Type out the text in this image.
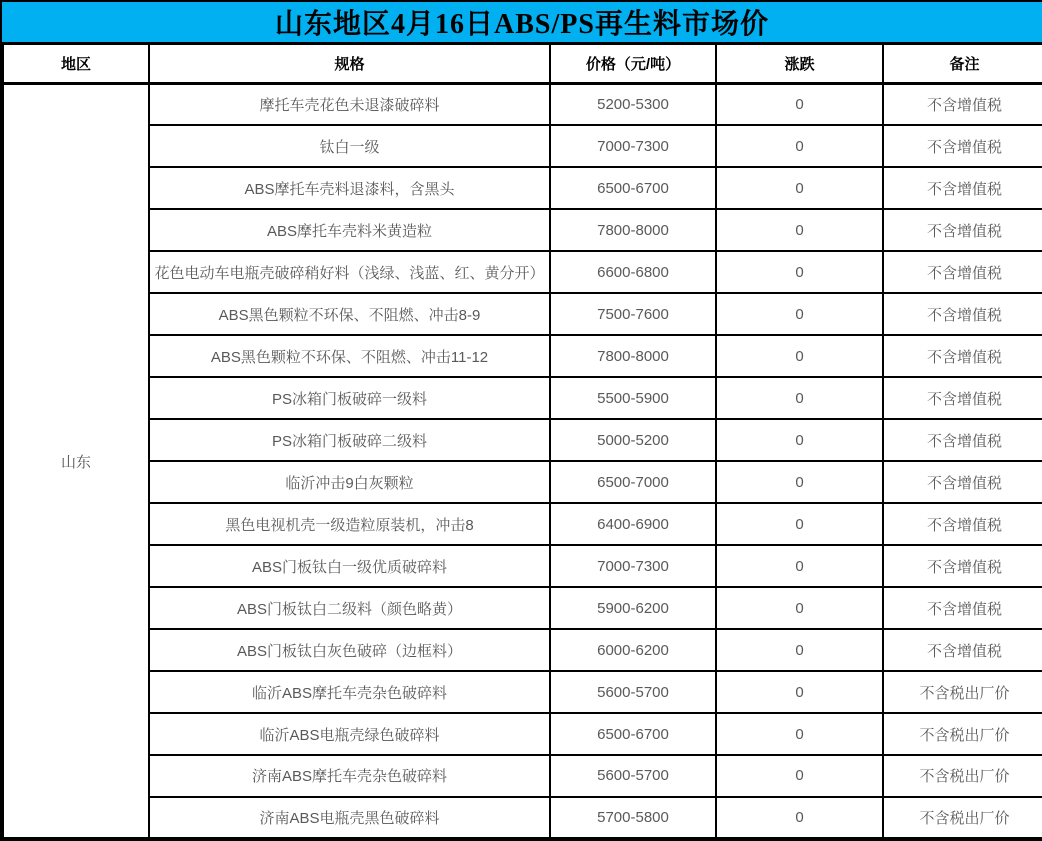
山东地区4月16日ABS/PS再生料市场价
地区	规格	价格（元/吨）	涨跌	备注
山东	摩托车壳花色未退漆破碎料	5200-5300	0	不含增值税
	钛白一级	7000-7300	0	不含增值税
	ABS摩托车壳料退漆料，含黑头	6500-6700	0	不含增值税
	ABS摩托车壳料米黄造粒	7800-8000	0	不含增值税
	花色电动车电瓶壳破碎稍好料（浅绿、浅蓝、红、黄分开）	6600-6800	0	不含增值税
	ABS黑色颗粒不环保、不阻燃、冲击8-9	7500-7600	0	不含增值税
	ABS黑色颗粒不环保、不阻燃、冲击11-12	7800-8000	0	不含增值税
	PS冰箱门板破碎一级料	5500-5900	0	不含增值税
	PS冰箱门板破碎二级料	5000-5200	0	不含增值税
	临沂冲击9白灰颗粒	6500-7000	0	不含增值税
	黑色电视机壳一级造粒原装机，冲击8	6400-6900	0	不含增值税
	ABS门板钛白一级优质破碎料	7000-7300	0	不含增值税
	ABS门板钛白二级料（颜色略黄）	5900-6200	0	不含增值税
	ABS门板钛白灰色破碎（边框料）	6000-6200	0	不含增值税
	临沂ABS摩托车壳杂色破碎料	5600-5700	0	不含税出厂价
	临沂ABS电瓶壳绿色破碎料	6500-6700	0	不含税出厂价
	济南ABS摩托车壳杂色破碎料	5600-5700	0	不含税出厂价
	济南ABS电瓶壳黑色破碎料	5700-5800	0	不含税出厂价
